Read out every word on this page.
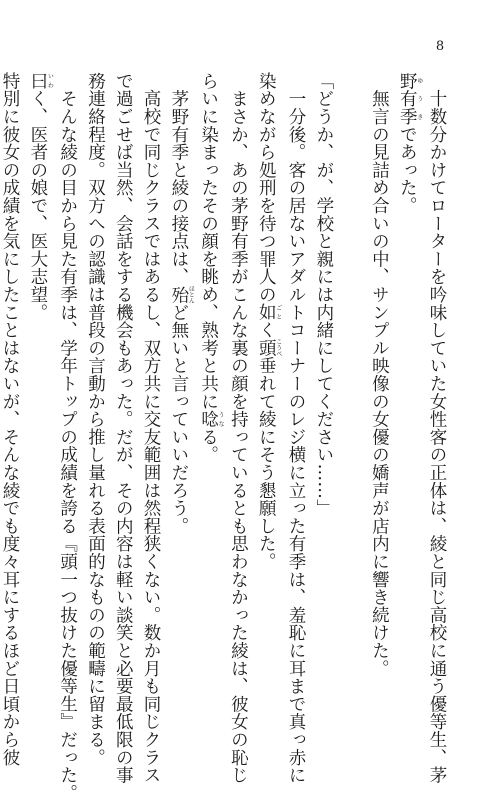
8
　十数分かけてローターを吟味していた女性客の正体は、綾と同じ高校に通う優等生、茅
野有季ゆうきであった。
　無言の見詰め合いの中、サンプル映像の女優の嬌声が店内に響き続けた。

「どうか、が、学校と親には内緒にしてください……」
　一分後。客の居ないアダルトコーナーのレジ横に立った有季は、羞恥に耳まで真っ赤に
染めながら処刑を待つ罪人の如ごとく頭こうべ垂れて綾にそう懇願した。
　まさか、あの茅野有季がこんな裏の顔を持っているとも思わなかった綾は、彼女の恥じ
らいに染まったその顔を眺め、熟考と共に唸うなる。
　茅野有季と綾の接点は、殆ほとんど無いと言っていいだろう。
　高校で同じクラスではあるし、双方共に交友範囲は然程狭くない。数か月も同じクラス
で過ごせば当然、会話をする機会もあった。だが、その内容は軽い談笑と必要最低限の事
務連絡程度。双方への認識は普段の言動から推し量れる表面的なものの範疇に留まる。
　そんな綾の目から見た有季は、学年トップの成績を誇る『頭一つ抜けた優等生』だった。
曰いわく、医者の娘で、医大志望。
特別に彼女の成績を気にしたことはないが、そんな綾でも度々耳にするほど日頃から彼
